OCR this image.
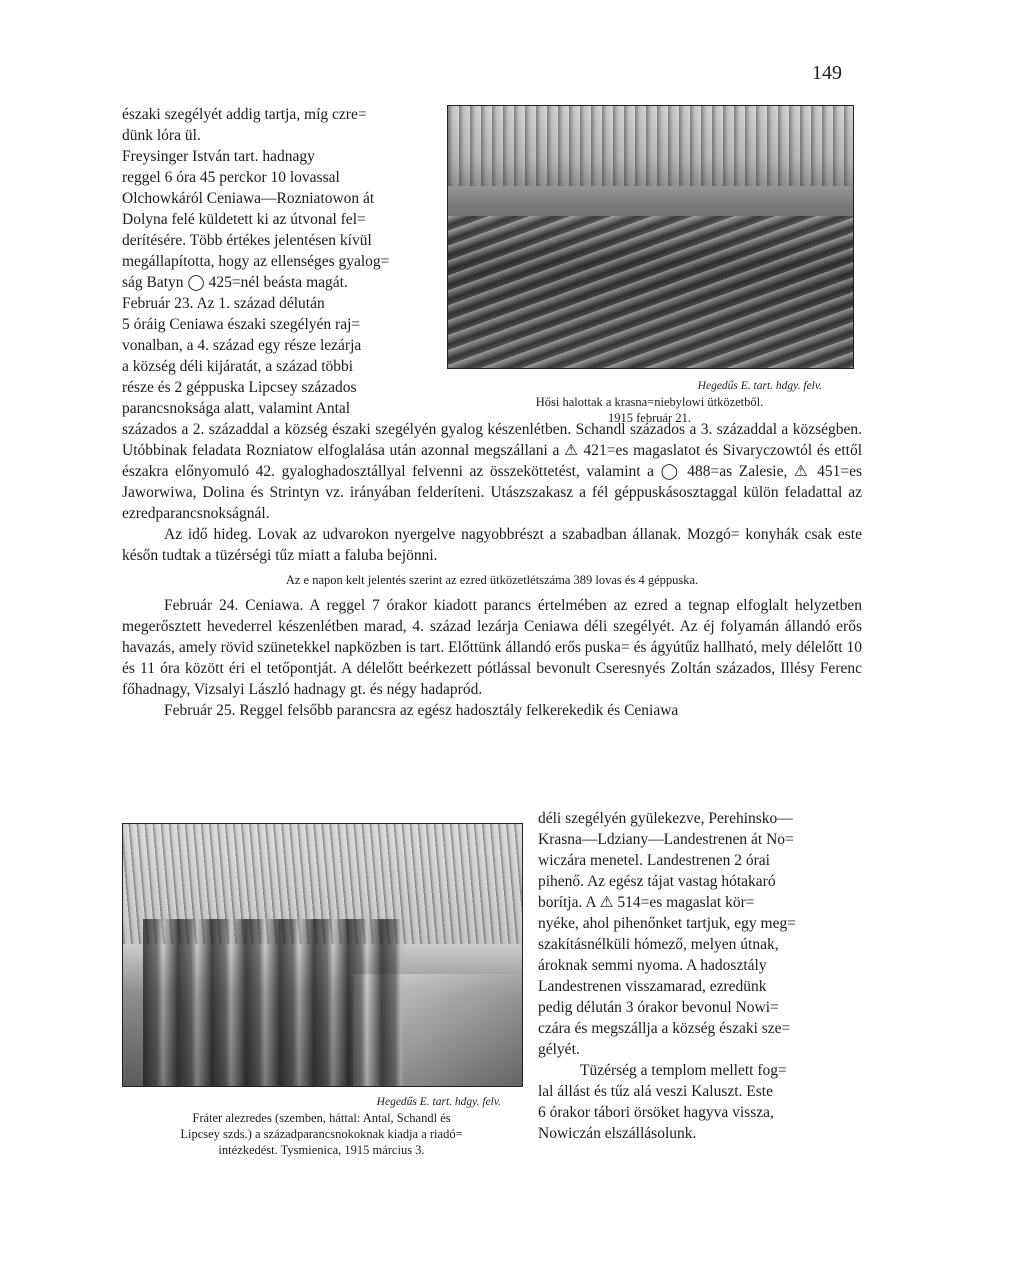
149

északi szegélyét addig tartja, míg czre=

dünk lóra ül.

Freysinger István tart. hadnagy

reggel 6 óra 45 perckor 10 lovassal

Olchowkáról Ceniawa—Rozniatowon át

Dolyna felé küldetett ki az útvonal fel=

derítésére. Több értékes jelentésen kívül

megállapította, hogy az ellenséges gyalog=

ság Batyn ◯ 425=nél beásta magát.

Február 23. Az 1. század délután

5 óráig Ceniawa északi szegélyén raj=

vonalban, a 4. század egy része lezárja

a község déli kijáratát, a század többi

része és 2 géppuska Lipcsey százados

parancsnoksága alatt, valamint Antal

Hegedűs E. tart. hdgy. felv.
Hősi halottak a krasna=niebylowi ütközetből.
1915 február 21.

százados a 2. századdal a község északi szegélyén gyalog készenlétben. Schandl százados a 3. századdal a községben. Utóbbinak feladata Rozniatow elfoglalása után azonnal megszállani a ⚠ 421=es magaslatot és Sivaryczowtól és ettől északra előnyomuló 42. gyaloghadosztállyal felvenni az összeköttetést, valamint a ◯ 488=as Zalesie, ⚠ 451=es Jaworwiwa, Dolina és Strintyn vz. irányában felderíteni. Utászszakasz a fél géppuskásosztaggal külön feladattal az ezredparancsnokságnál.

Az idő hideg. Lovak az udvarokon nyergelve nagyobbrészt a szabadban állanak. Mozgó= konyhák csak este későn tudtak a tüzérségi tűz miatt a faluba bejönni.

Az e napon kelt jelentés szerint az ezred ütközetlétszáma 389 lovas és 4 géppuska.

Február 24. Ceniawa. A reggel 7 órakor kiadott parancs értelmében az ezred a tegnap elfoglalt helyzetben megerősztett hevederrel készenlétben marad, 4. század lezárja Ceniawa déli szegélyét. Az éj folyamán állandó erős havazás, amely rövid szünetekkel napközben is tart. Előttünk állandó erős puska= és ágyútűz hallható, mely délelőtt 10 és 11 óra között éri el tetőpontját. A délelőtt beérkezett pótlással bevonult Cseresnyés Zoltán százados, Illésy Ferenc főhadnagy, Vizsalyi László hadnagy gt. és négy hadapród.

Február 25. Reggel felsőbb parancsra az egész hadosztály felkerekedik és Ceniawa

Hegedűs E. tart. hdgy. felv.
Fráter alezredes (szemben, háttal: Antal, Schandl és
Lipcsey szds.) a századparancsnokoknak kiadja a riadó=
intézkedést. Tysmienica, 1915 március 3.

déli szegélyén gyülekezve, Perehinsko—

Krasna—Ldziany—Landestrenen át No=

wiczára menetel. Landestrenen 2 órai

pihenő. Az egész tájat vastag hótakaró

borítja. A ⚠ 514=es magaslat kör=

nyéke, ahol pihenőnket tartjuk, egy meg=

szakításnélküli hómező, melyen útnak,

ároknak semmi nyoma. A hadosztály

Landestrenen visszamarad, ezredünk

pedig délután 3 órakor bevonul Nowi=

czára és megszállja a község északi sze=

gélyét.

Tüzérség a templom mellett fog=

lal állást és tűz alá veszi Kaluszt. Este

6 órakor tábori örsöket hagyva vissza,

Nowiczán elszállásolunk.
